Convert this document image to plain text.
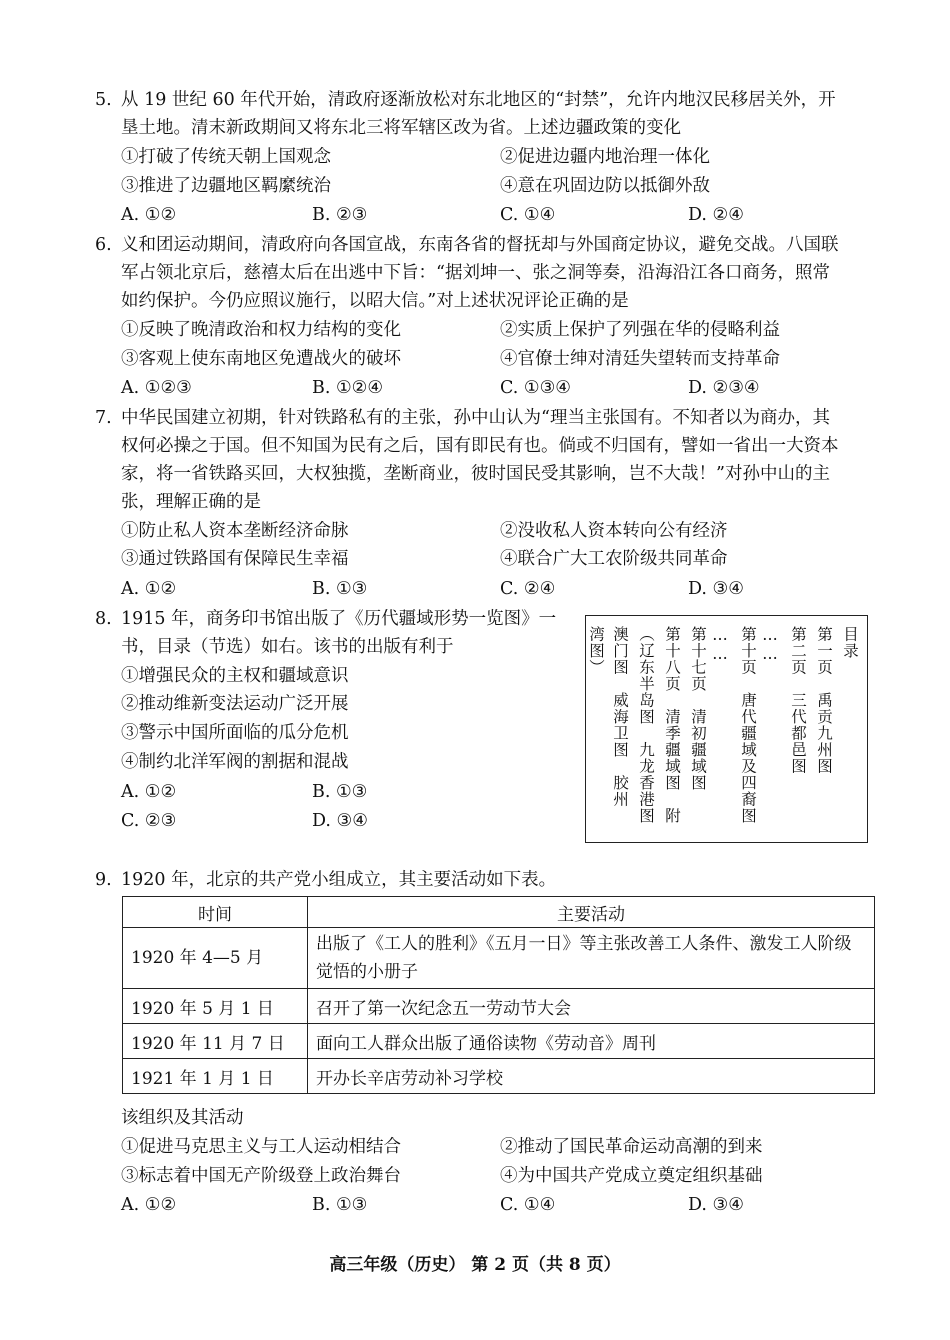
5. 从 19 世纪 60 年代开始，清政府逐渐放松对东北地区的“封禁”，允许内地汉民移居关外，开
垦土地。清末新政期间又将东北三将军辖区改为省。上述边疆政策的变化
①打破了传统天朝上国观念	②促进边疆内地治理一体化
③推进了边疆地区羁縻统治	④意在巩固边防以抵御外敌
A. ①②	B. ②③	C. ①④	D. ②④
6. 义和团运动期间，清政府向各国宣战，东南各省的督抚却与外国商定协议，避免交战。八国联
军占领北京后，慈禧太后在出逃中下旨：“据刘坤一、张之洞等奏，沿海沿江各口商务，照常
如约保护。今仍应照议施行，以昭大信。”对上述状况评论正确的是
①反映了晚清政治和权力结构的变化	②实质上保护了列强在华的侵略利益
③客观上使东南地区免遭战火的破坏	④官僚士绅对清廷失望转而支持革命
A. ①②③	B. ①②④	C. ①③④	D. ②③④
7. 中华民国建立初期，针对铁路私有的主张，孙中山认为“理当主张国有。不知者以为商办，其
权何必操之于国。但不知国为民有之后，国有即民有也。倘或不归国有，譬如一省出一大资本
家，将一省铁路买回，大权独揽，垄断商业，彼时国民受其影响，岂不大哉！”对孙中山的主
张，理解正确的是
①防止私人资本垄断经济命脉	②没收私人资本转向公有经济
③通过铁路国有保障民生幸福	④联合广大工农阶级共同革命
A. ①②	B. ①③	C. ②④	D. ③④
8. 1915 年，商务印书馆出版了《历代疆域形势一览图》一
书，目录（节选）如右。该书的出版有利于
①增强民众的主权和疆域意识
②推动维新变法运动广泛开展
③警示中国所面临的瓜分危机
④制约北洋军阀的割据和混战
A. ①②	B. ①③
C. ②③	D. ③④
目录
第一页　禹贡九州图
第二页　三代都邑图
……
第十页　唐代疆域及四裔图
……
第十七页　清初疆域图
第十八页　清季疆域图　附
（辽东半岛图　九龙香港图
澳门图　威海卫图　胶州
湾图）
9. 1920 年，北京的共产党小组成立，其主要活动如下表。
时间	主要活动
1920 年 4—5 月	出版了《工人的胜利》《五月一日》等主张改善工人条件、激发工人阶级觉悟的小册子
1920 年 5 月 1 日	召开了第一次纪念五一劳动节大会
1920 年 11 月 7 日	面向工人群众出版了通俗读物《劳动音》周刊
1921 年 1 月 1 日	开办长辛店劳动补习学校
该组织及其活动
①促进马克思主义与工人运动相结合	②推动了国民革命运动高潮的到来
③标志着中国无产阶级登上政治舞台	④为中国共产党成立奠定组织基础
A. ①②	B. ①③	C. ①④	D. ③④
高三年级（历史） 第 2 页（共 8 页）
